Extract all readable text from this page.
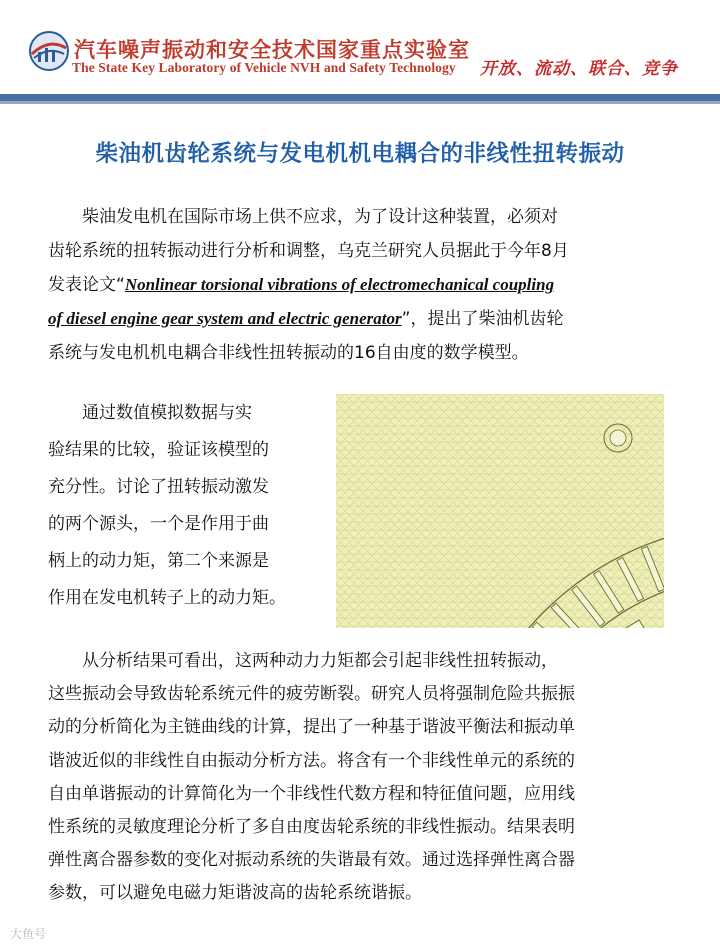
汽车噪声振动和安全技术国家重点实验室
The State Key Laboratory of Vehicle NVH and Safety Technology 开放、流动、联合、竞争
柴油机齿轮系统与发电机机电耦合的非线性扭转振动
　　柴油发电机在国际市场上供不应求，为了设计这种装置，必须对
齿轮系统的扭转振动进行分析和调整，乌克兰研究人员据此于今年8月
发表论文“Nonlinear torsional vibrations of electromechanical coupling
of diesel engine gear system and electric generator”，提出了柴油机齿轮
系统与发电机机电耦合非线性扭转振动的16自由度的数学模型。
　　通过数值模拟数据与实
验结果的比较，验证该模型的
充分性。讨论了扭转振动激发
的两个源头，一个是作用于曲
柄上的动力矩，第二个来源是
作用在发电机转子上的动力矩。
　　从分析结果可看出，这两种动力力矩都会引起非线性扭转振动，
这些振动会导致齿轮系统元件的疲劳断裂。研究人员将强制危险共振振
动的分析简化为主链曲线的计算，提出了一种基于谐波平衡法和振动单
谐波近似的非线性自由振动分析方法。将含有一个非线性单元的系统的
自由单谐振动的计算简化为一个非线性代数方程和特征值问题，应用线
性系统的灵敏度理论分析了多自由度齿轮系统的非线性振动。结果表明
弹性离合器参数的变化对振动系统的失谐最有效。通过选择弹性离合器
参数，可以避免电磁力矩谐波高的齿轮系统谐振。
大鱼号
